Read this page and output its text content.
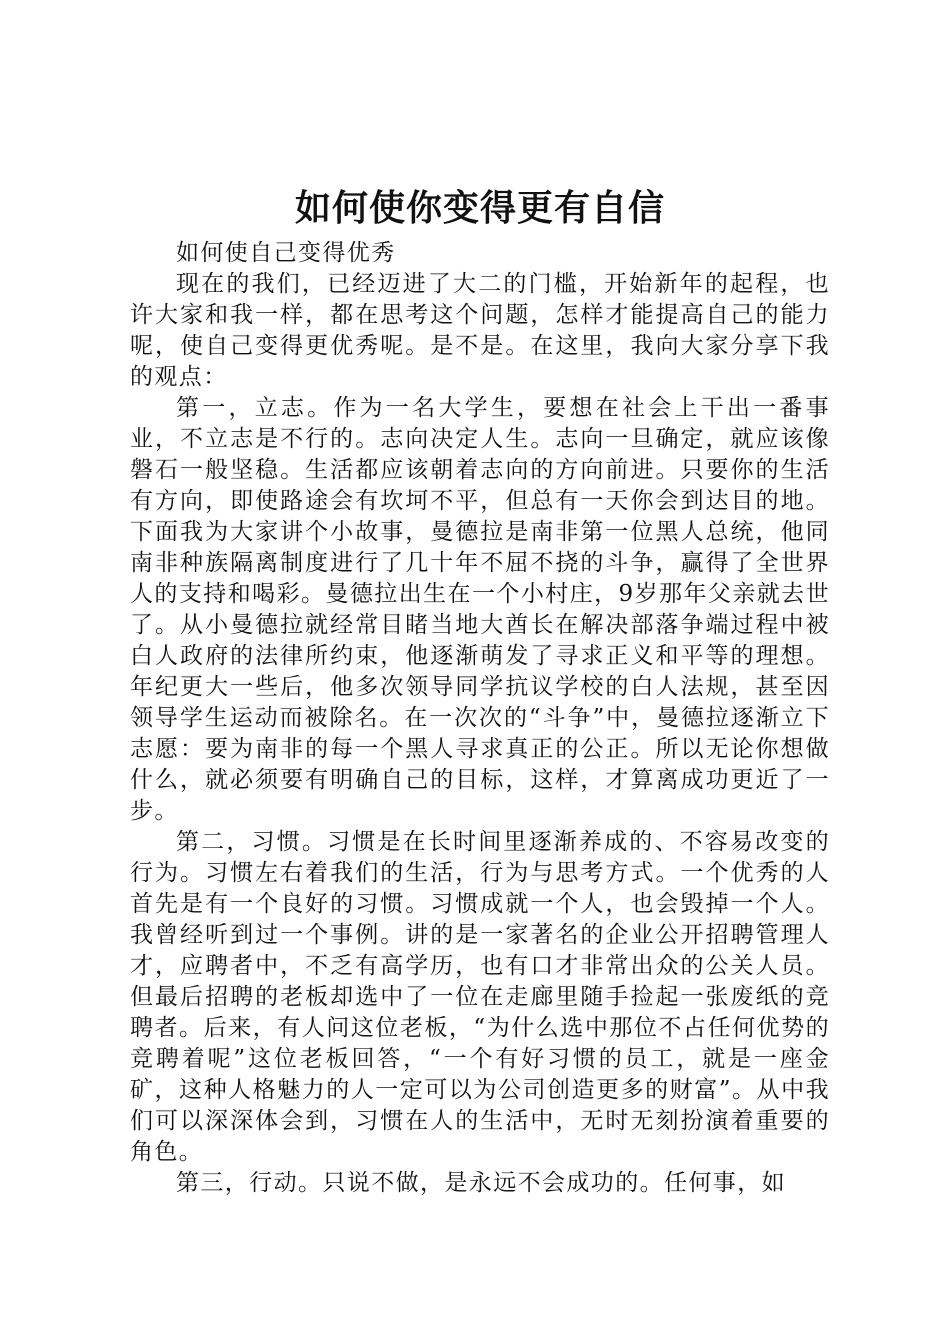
如何使你变得更有自信

如何使自己变得优秀

现在的我们，已经迈进了大二的门槛，开始新年的起程，也许大家和我一样，都在思考这个问题，怎样才能提高自己的能力呢，使自己变得更优秀呢。是不是。在这里，我向大家分享下我的观点：

第一，立志。作为一名大学生，要想在社会上干出一番事业，不立志是不行的。志向决定人生。志向一旦确定，就应该像磐石一般坚稳。生活都应该朝着志向的方向前进。只要你的生活有方向，即使路途会有坎坷不平，但总有一天你会到达目的地。下面我为大家讲个小故事，曼德拉是南非第一位黑人总统，他同南非种族隔离制度进行了几十年不屈不挠的斗争，赢得了全世界人的支持和喝彩。曼德拉出生在一个小村庄，9岁那年父亲就去世了。从小曼德拉就经常目睹当地大酋长在解决部落争端过程中被白人政府的法律所约束，他逐渐萌发了寻求正义和平等的理想。年纪更大一些后，他多次领导同学抗议学校的白人法规，甚至因领导学生运动而被除名。在一次次的“斗争”中，曼德拉逐渐立下志愿：要为南非的每一个黑人寻求真正的公正。所以无论你想做什么，就必须要有明确自己的目标，这样，才算离成功更近了一步。

第二，习惯。习惯是在长时间里逐渐养成的、不容易改变的行为。习惯左右着我们的生活，行为与思考方式。一个优秀的人首先是有一个良好的习惯。习惯成就一个人，也会毁掉一个人。我曾经听到过一个事例。讲的是一家著名的企业公开招聘管理人才，应聘者中，不乏有高学历，也有口才非常出众的公关人员。但最后招聘的老板却选中了一位在走廊里随手捡起一张废纸的竞聘者。后来，有人问这位老板，“为什么选中那位不占任何优势的竞聘着呢”这位老板回答，“一个有好习惯的员工，就是一座金矿，这种人格魅力的人一定可以为公司创造更多的财富”。从中我们可以深深体会到，习惯在人的生活中，无时无刻扮演着重要的角色。

第三，行动。只说不做，是永远不会成功的。任何事，如
